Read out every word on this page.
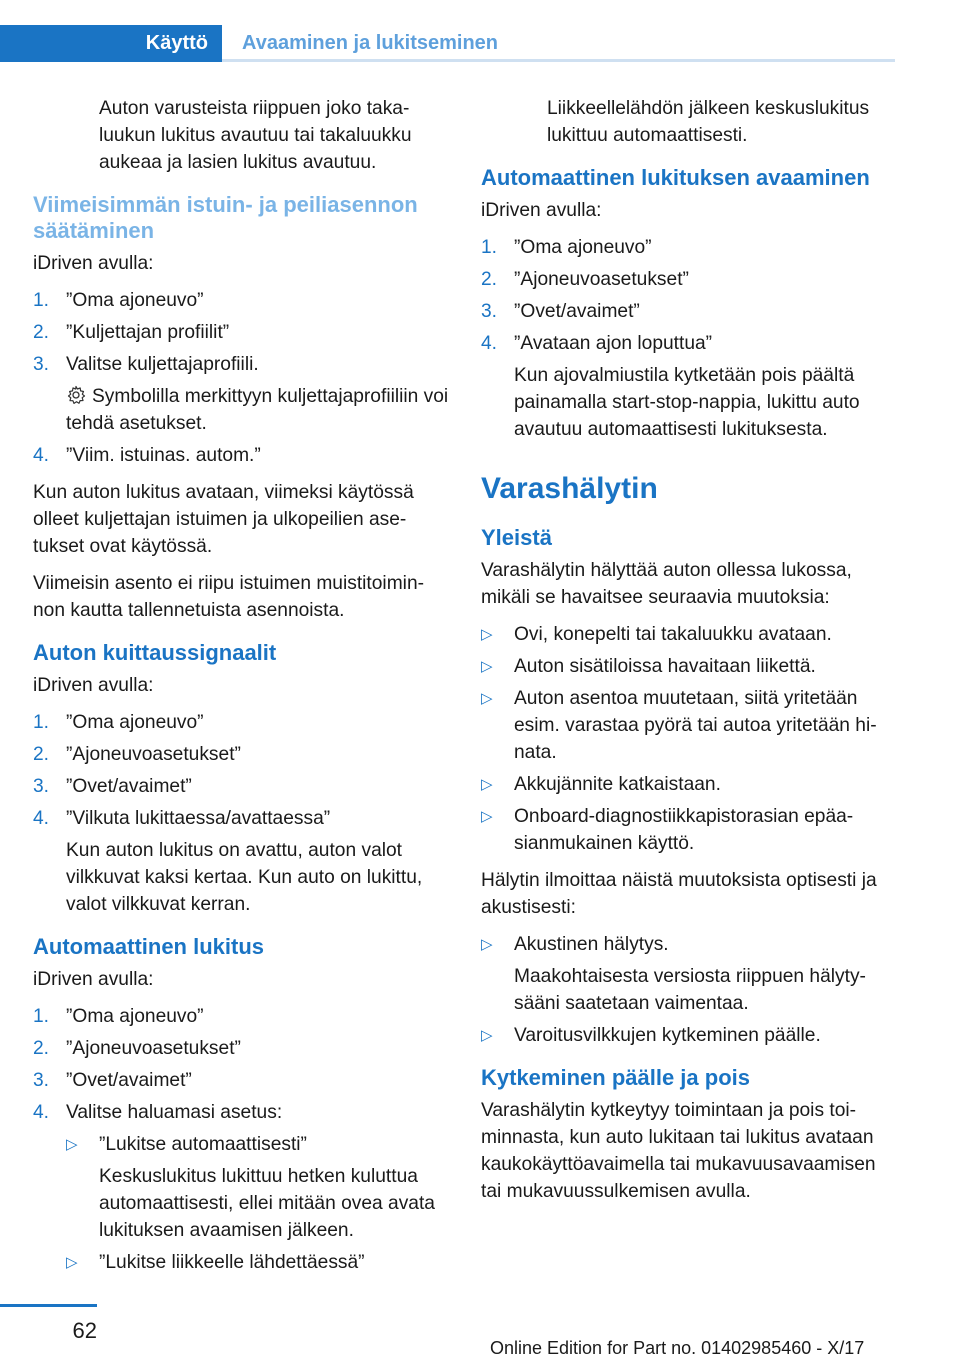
Käyttö	Avaaminen ja lukitseminen

Auton varusteista riippuen joko taka-luukun lukitus avautuu tai takaluukku aukeaa ja lasien lukitus avautuu.

Viimeisimmän istuin- ja peiliasennon säätäminen

iDriven avulla:

1. ”Oma ajoneuvo”
2. ”Kuljettajan profiilit”
3. Valitse kuljettajaprofiili.

Symbolilla merkittyyn kuljettajaprofiiliin voi tehdä asetukset.

4. ”Viim. istuinas. autom.”

Kun auton lukitus avataan, viimeksi käytössä olleet kuljettajan istuimen ja ulkopeilien ase-tukset ovat käytössä.

Viimeisin asento ei riipu istuimen muistitoimin-non kautta tallennetuista asennoista.

Auton kuittaussignaalit

iDriven avulla:

1. ”Oma ajoneuvo”
2. ”Ajoneuvoasetukset”
3. ”Ovet/avaimet”
4. ”Vilkuta lukittaessa/avattaessa”

Kun auton lukitus on avattu, auton valot vilkkuvat kaksi kertaa. Kun auto on lukittu, valot vilkkuvat kerran.

Automaattinen lukitus

iDriven avulla:

1. ”Oma ajoneuvo”
2. ”Ajoneuvoasetukset”
3. ”Ovet/avaimet”
4. Valitse haluamasi asetus:
▷ ”Lukitse automaattisesti”

Keskuslukitus lukittuu hetken kuluttua automaattisesti, ellei mitään ovea avata lukituksen avaamisen jälkeen.

▷ ”Lukitse liikkeelle lähdettäessä”

Liikkeellelähdön jälkeen keskuslukitus lukittuu automaattisesti.

Automaattinen lukituksen avaaminen

iDriven avulla:

1. ”Oma ajoneuvo”
2. ”Ajoneuvoasetukset”
3. ”Ovet/avaimet”
4. ”Avataan ajon loputtua”

Kun ajovalmiustila kytketään pois päältä painamalla start-stop-nappia, lukittu auto avautuu automaattisesti lukituksesta.

Varashälytin
Yleistä

Varashälytin hälyttää auton ollessa lukossa, mikäli se havaitsee seuraavia muutoksia:

▷ Ovi, konepelti tai takaluukku avataan.
▷ Auton sisätiloissa havaitaan liikettä.
▷ Auton asentoa muutetaan, siitä yritetään esim. varastaa pyörä tai autoa yritetään hi-nata.
▷ Akkujännite katkaistaan.
▷ Onboard-diagnostiikkapistorasian epäa-sianmukainen käyttö.

Hälytin ilmoittaa näistä muutoksista optisesti ja akustisesti:

▷ Akustinen hälytys.

Maakohtaisesta versiosta riippuen hälyty-sääni saatetaan vaimentaa.

▷ Varoitusvilkkujen kytkeminen päälle.
Kytkeminen päälle ja pois

Varashälytin kytkeytyy toimintaan ja pois toi-minnasta, kun auto lukitaan tai lukitus avataan kaukokäyttöavaimella tai mukavuusavaamisen tai mukavuussulkemisen avulla.

62
Online Edition for Part no. 01402985460 - X/17
